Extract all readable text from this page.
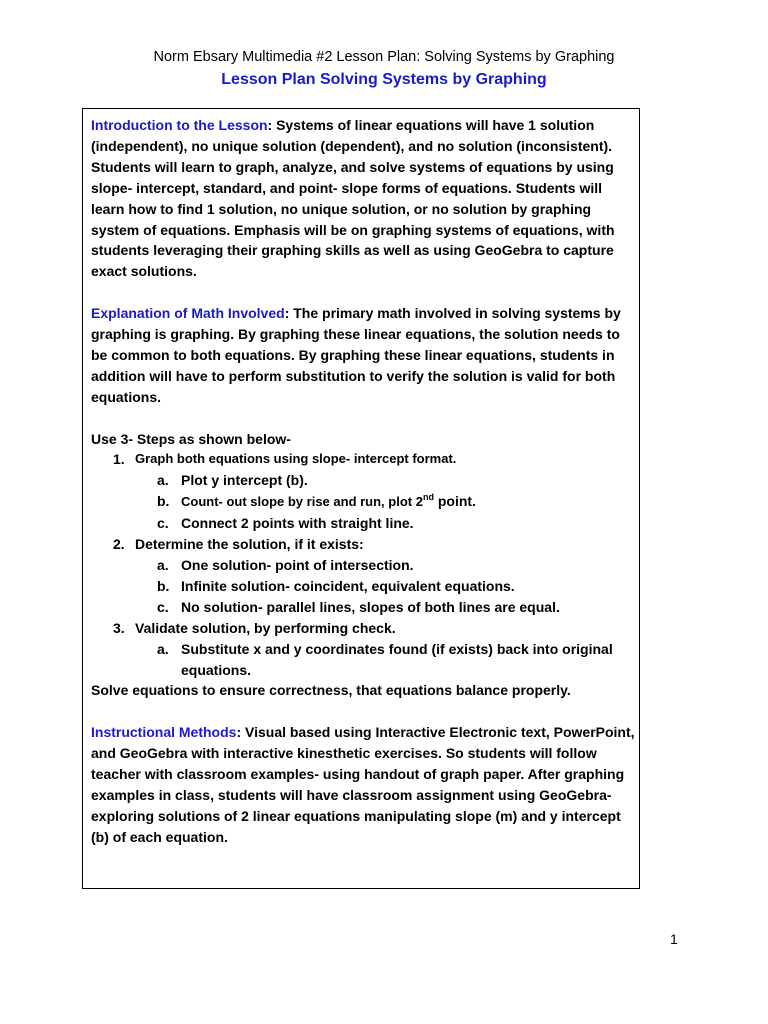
Norm Ebsary Multimedia #2 Lesson Plan: Solving Systems by Graphing
Lesson Plan Solving Systems by Graphing

Introduction to the Lesson: Systems of linear equations will have 1 solution (independent), no unique solution (dependent), and no solution (inconsistent). Students will learn to graph, analyze, and solve systems of equations by using slope- intercept, standard, and point- slope forms of equations. Students will learn how to find 1 solution, no unique solution, or no solution by graphing system of equations. Emphasis will be on graphing systems of equations, with students leveraging their graphing skills as well as using GeoGebra to capture exact solutions.

Explanation of Math Involved: The primary math involved in solving systems by graphing is graphing. By graphing these linear equations, the solution needs to be common to both equations. By graphing these linear equations, students in addition will have to perform substitution to verify the solution is valid for both equations.

Use 3- Steps as shown below-

1. Graph both equations using slope- intercept format.
a. Plot y intercept (b).
b. Count- out slope by rise and run, plot 2nd point.
c. Connect 2 points with straight line.
2. Determine the solution, if it exists:
a. One solution- point of intersection.
b. Infinite solution- coincident, equivalent equations.
c. No solution- parallel lines, slopes of both lines are equal.
3. Validate solution, by performing check.
a. Substitute x and y coordinates found (if exists) back into original equations.

Solve equations to ensure correctness, that equations balance properly.

Instructional Methods: Visual based using Interactive Electronic text, PowerPoint, and GeoGebra with interactive kinesthetic exercises. So students will follow teacher with classroom examples- using handout of graph paper. After graphing examples in class, students will have classroom assignment using GeoGebra- exploring solutions of 2 linear equations manipulating slope (m) and y intercept (b) of each equation.

1
